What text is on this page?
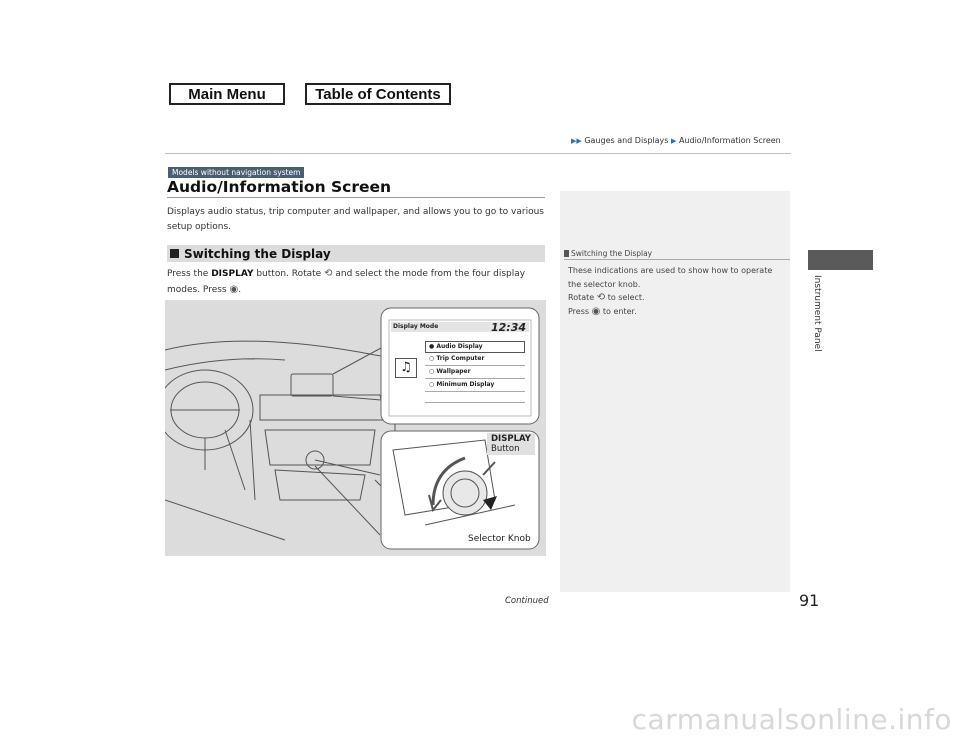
Main Menu	Table of Contents
▶▶ Gauges and Displays ▶ Audio/Information Screen
Models without navigation system
Audio/Information Screen
Displays audio status, trip computer and wallpaper, and allows you to go to various setup options.
Switching the Display
Press the DISPLAY button. Rotate ⟲ and select the mode from the four display modes. Press ◉.
Display Mode	12:34
♫
● Audio Display
○ Trip Computer
○ Wallpaper
○ Minimum Display
DISPLAY
Button
Selector Knob
Switching the Display
These indications are used to show how to operate the selector knob.
Rotate ⟲ to select.
Press ◉ to enter.	Instrument Panel
Continued	91
carmanualsonline.info
